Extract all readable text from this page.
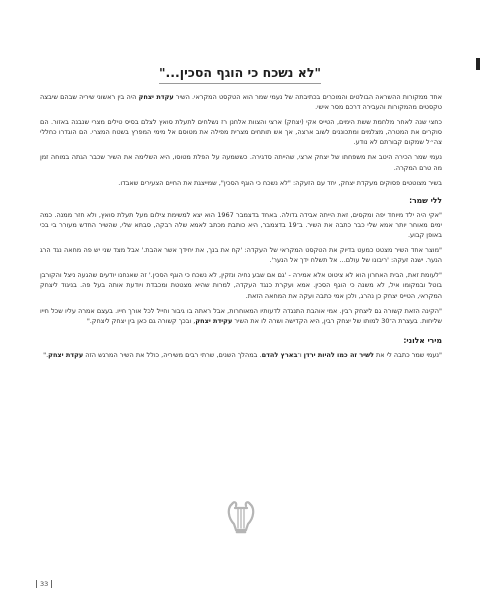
"לא נשכח כי הוגף הסכין..."

אחד ממקורות ההשראה הבולטים והמוכרים בכתיבתה של נעמי שמר הוא הטקסט המקראי. השיר עקדת יצחק היה בין ראשוני שיריה שבהם שיבצה טקסטים מהמקורות והעבירה דרכם מסר אישי.

כחצי שנה לאחר מלחמת ששת הימים, הטייס אקי (יצחק) ארצי והצוות אלחנן רז נשלחים לתעלת סואץ לצלם בסיס טילים מצרי שנבנה באזור. הם סוקרים את המטרה, מצלמים ומתכוננים לשוב ארצה, אך אש תותחים מצרית מפילה את מטוסם אל מימי המפרץ בשטח המצרי. הם הוגדרו כחללי צה״ל שמקום קבורתם לא נודע.

נעמי שמר הכירה היטב את משפחתו של יצחק ארצי, שהייתה סדגירה. כששמעה על הפלת מטוסו, היא השלימה את השיר שכבר הגתה במוחה זמן מה טרם המקרה.

בשיר מצוטטים פסוקים מעקדת יצחק, יחד עם הזעקה: "לא נשכח כי הוגף הסכין", שמייצגת את החיים הצעירים שאבדו.

ללי שמר:

"אקי היה ילד מיוחד יפה ומקסים, זאת הייתה אבידה גדולה. באחד בדצמבר 1967 הוא יצא למשימת צילום מעל תעלת סואץ, ולא חזר ממנה. כמה ימים מאוחר יותר אמא שלי כבר כתבה את השיר. ב־19 בדצמבר, היא כותבת מכתב לאמא שלה רבקה, סבתא שלי, שהשיר החדש מעורר בי בכי באופן קבוע.

"מוצר אחד השיר מצטט כמעט בדיוק את הטקסט המקראי של העקדה: 'קח את בנך, את יחידך אשר אהבת.' אבל מצד שני יש פה מחאה נגד הרג הנער. ישנה זעקה: 'ריבונו של עולם... אל תשלח ידך אל הנער'.

"לעומת זאת, הבית האחרון הוא לא ציטוט אלא אמירה - 'גם אם שבע נחיה ונזקין, לא נשכח כי הוגף הסכין.' זה שאנחנו יודעים שהגעה ניצל והקורבן בוטל ובמקומו איל, לא משנה כי הוגף הסכין. אמא ועקרת כנגד העקדה, למרות שהיא מצטטת ומכבדת ויודעת אותה בעל פה. בניגוד ליצחק המקראי, הטייס יצחק כן נהרג, ולכן אמי כתבה ועקה את המחאה הזאת.

"הקינה הזאת קשורה גם ליצחק רבין. אמי אוהבת התנגדה לדעותיו המאוחרות, אבל ראתה בו גיבור וחייל לכל אורך חייו. בעצם אמרה עליו שכל חייו שליחות. בעצרת ה־30 למותו של יצחק רבין, היא הקדישה ושרה לו את השיר עקידת יצחק, ובכך קשורה גם כאן בין יצחק ליצחק."

מירי אלוני:

"נעמי שמר כתבה לי את לשיר זה כמו להיות ירדן ו־בארץ להדם. במהלך השנים, שרתי רבים משיריה, כולל את השיר המרגש הזה עקדת יצחק."

33
